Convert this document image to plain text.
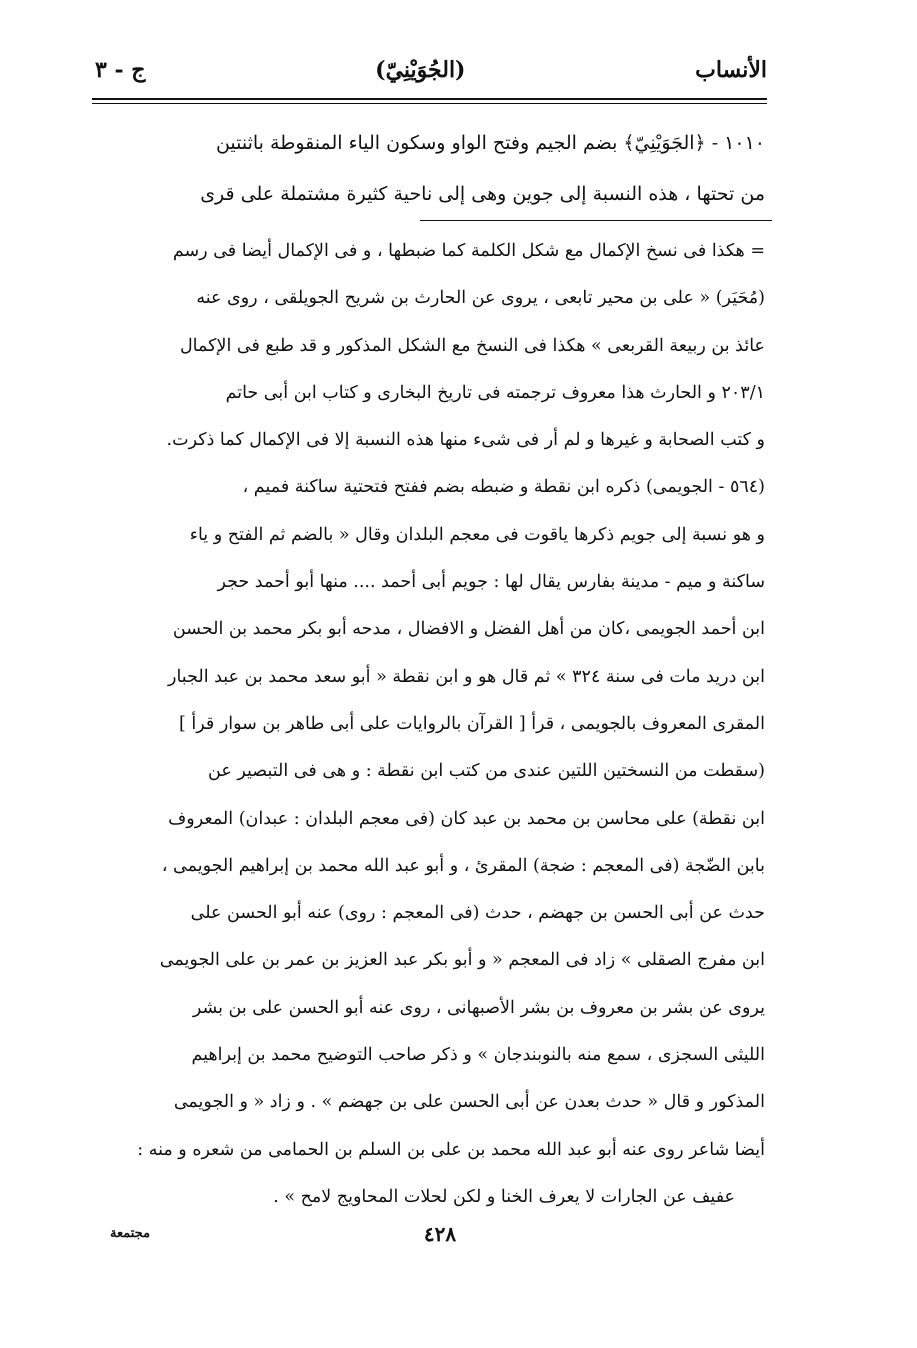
الأنساب
(الجُوَيْنِيّ)
ج - ٣

١٠١٠ - ﴿الجَوَيْنِيّ﴾ بضم الجيم وفتح الواو وسكون الياء المنقوطة باثنتين

من تحتها ، هذه النسبة إلى جوين وهى إلى ناحية كثيرة مشتملة على قرى

= هكذا فى نسخ الإكمال مع شكل الكلمة كما ضبطها ، و فى الإكمال أيضا فى رسم
(مُحَيَر) « على بن محير تابعى ، يروى عن الحارث بن شريح الجويلقى ، روى عنه
عائذ بن ربيعة القربعى » هكذا فى النسخ مع الشكل المذكور و قد طبع فى الإكمال
٢٠٣/١ و الحارث هذا معروف ترجمته فى تاريخ البخارى و كتاب ابن أبى حاتم
و كتب الصحابة و غيرها و لم أر فى شىء منها هذه النسبة إلا فى الإكمال كما ذكرت.
(٥٦٤ - الجويمى) ذكره ابن نقطة و ضبطه بضم ففتح فتحتية ساكنة فميم ،
و هو نسبة إلى جويم ذكرها ياقوت فى معجم البلدان وقال « بالضم ثم الفتح و ياء
ساكنة و ميم - مدينة بفارس يقال لها : جويم أبى أحمد .... منها أبو أحمد حجر
ابن أحمد الجويمى ،كان من أهل الفضل و الافضال ، مدحه أبو بكر محمد بن الحسن
ابن دريد مات فى سنة ٣٢٤ » ثم قال هو و ابن نقطة « أبو سعد محمد بن عبد الجبار
المقرى المعروف بالجويمى ، قرأ [ القرآن بالروايات على أبى طاهر بن سوار قرأ ]
(سقطت من النسختين اللتين عندى من كتب ابن نقطة : و هى فى التبصير عن
ابن نقطة) على محاسن بن محمد بن عبد كان (فى معجم البلدان : عبدان) المعروف
بابن الضّجة (فى المعجم : ضجة) المقرئ ، و أبو عبد الله محمد بن إبراهيم الجويمى ،
حدث عن أبى الحسن بن جهضم ، حدث (فى المعجم : روى) عنه أبو الحسن على
ابن مفرج الصقلى » زاد فى المعجم « و أبو بكر عبد العزيز بن عمر بن على الجويمى
يروى عن بشر بن معروف بن بشر الأصبهانى ، روى عنه أبو الحسن على بن بشر
الليثى السجزى ، سمع منه بالنوبندجان » و ذكر صاحب التوضيح محمد بن إبراهيم
المذكور و قال « حدث بعدن عن أبى الحسن على بن جهضم » . و زاد « و الجويمى
أيضا شاعر روى عنه أبو عبد الله محمد بن على بن السلم بن الحمامى من شعره و منه :
عفيف عن الجارات لا يعرف الخنا و لكن لحلات المحاويج لامح » .
٤٢٨
مجتمعة
